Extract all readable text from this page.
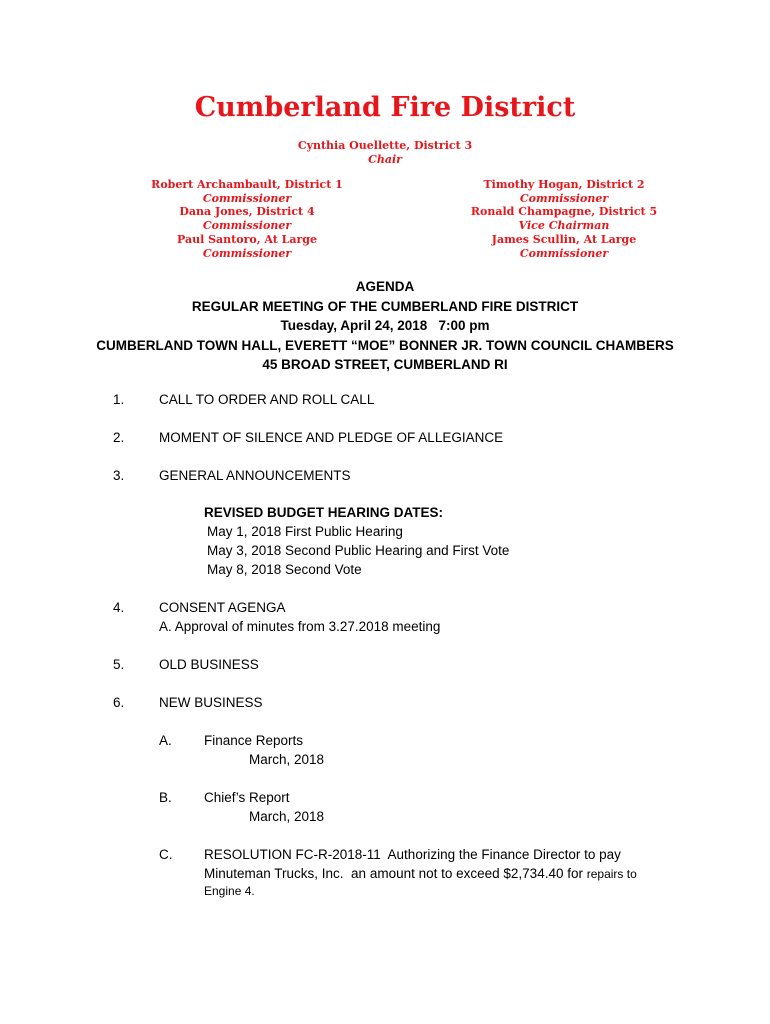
Cumberland Fire District
Cynthia Ouellette, District 3
Chair
Robert Archambault, District 1
Commissioner
Dana Jones, District 4
Commissioner
Paul Santoro, At Large
Commissioner
Timothy Hogan, District 2
Commissioner
Ronald Champagne, District 5
Vice Chairman
James Scullin, At Large
Commissioner
AGENDA
REGULAR MEETING OF THE CUMBERLAND FIRE DISTRICT
Tuesday, April 24, 2018   7:00 pm
CUMBERLAND TOWN HALL, EVERETT “MOE” BONNER JR. TOWN COUNCIL CHAMBERS
45 BROAD STREET, CUMBERLAND RI
1.	CALL TO ORDER AND ROLL CALL
2.	MOMENT OF SILENCE AND PLEDGE OF ALLEGIANCE
3.	GENERAL ANNOUNCEMENTS
REVISED BUDGET HEARING DATES:
May 1, 2018 First Public Hearing
May 3, 2018 Second Public Hearing and First Vote
May 8, 2018 Second Vote
4.	CONSENT AGENGA
A. Approval of minutes from 3.27.2018 meeting
5.	OLD BUSINESS
6.	NEW BUSINESS
A. Finance Reports
March, 2018
B. Chief’s Report
March, 2018
C. RESOLUTION FC-R-2018-11  Authorizing the Finance Director to pay
Minuteman Trucks, Inc.  an amount not to exceed $2,734.40 for repairs to
Engine 4.
